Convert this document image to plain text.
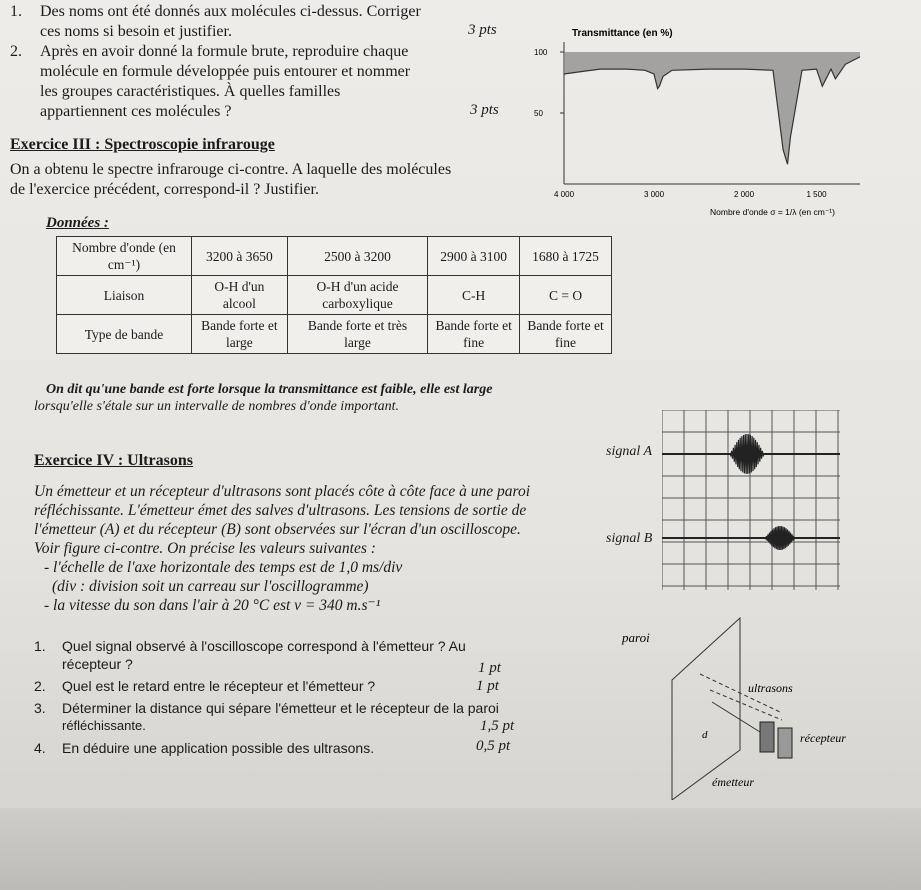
1. Des noms ont été donnés aux molécules ci-dessus. Corriger
ces noms si besoin et justifier.	3 pts
2. Après en avoir donné la formule brute, reproduire chaque
molécule en formule développée puis entourer et nommer
les groupes caractéristiques. À quelles familles
appartiennent ces molécules ?	3 pts
Exercice III : Spectroscopie infrarouge
On a obtenu le spectre infrarouge ci-contre. A laquelle des molécules
de l'exercice précédent, correspond-il ? Justifier.
Transmittance (en %)
100
50
4 000	3 000	2 000	1 500
Nombre d'onde σ = 1/λ (en cm⁻¹)
Données :
Nombre d'onde (en cm⁻¹)	3200 à 3650	2500 à 3200	2900 à 3100	1680 à 1725
Liaison	O-H d'un alcool	O-H d'un acide carboxylique	C-H	C = O
Type de bande	Bande forte et large	Bande forte et très large	Bande forte et fine	Bande forte et fine
On dit qu'une bande est forte lorsque la transmittance est faible, elle est large
lorsqu'elle s'étale sur un intervalle de nombres d'onde important.
Exercice IV : Ultrasons
Un émetteur et un récepteur d'ultrasons sont placés côte à côte face à une paroi
réfléchissante. L'émetteur émet des salves d'ultrasons. Les tensions de sortie de
l'émetteur (A) et du récepteur (B) sont observées sur l'écran d'un oscilloscope.
Voir figure ci-contre. On précise les valeurs suivantes :
- l'échelle de l'axe horizontale des temps est de 1,0 ms/div
(div : division soit un carreau sur l'oscillogramme)
- la vitesse du son dans l'air à 20 °C est v = 340 m.s⁻¹
signal A
signal B
1. Quel signal observé à l'oscilloscope correspond à l'émetteur ? Au
récepteur ?	1 pt
2. Quel est le retard entre le récepteur et l'émetteur ?	1 pt
3. Déterminer la distance qui sépare l'émetteur et le récepteur de la paroi
réfléchissante.	1,5 pt
4. En déduire une application possible des ultrasons.	0,5 pt
paroi
ultrasons
d	récepteur
émetteur
